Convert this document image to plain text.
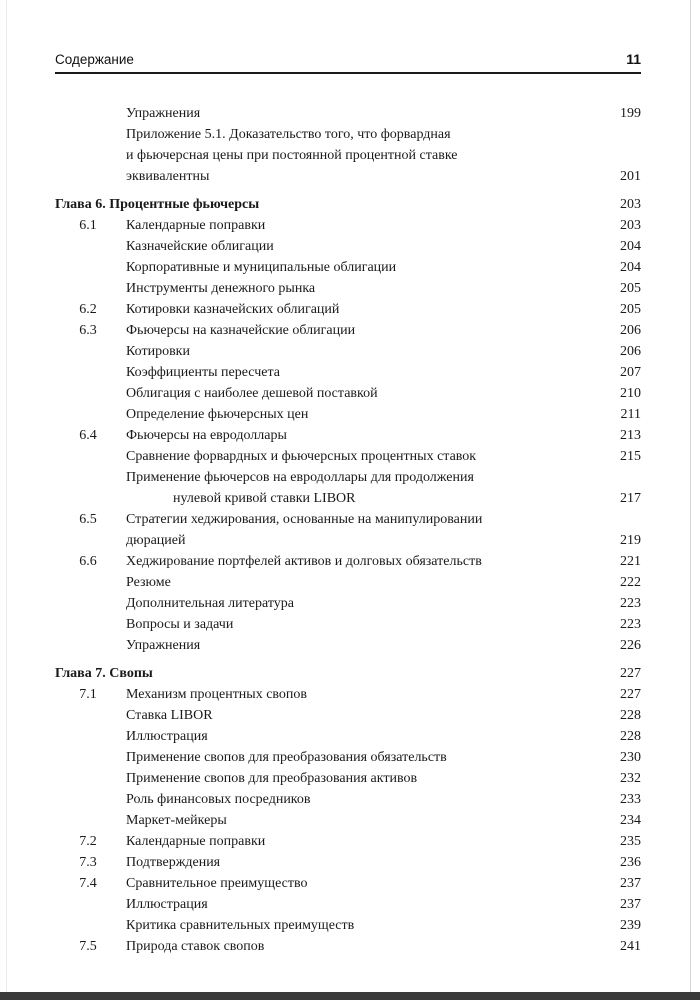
Содержание	11
Упражнения	199
Приложение 5.1. Доказательство того, что форвардная
и фьючерсная цены при постоянной процентной ставке
эквивалентны	201
Глава 6. Процентные фьючерсы	203
6.1	Календарные поправки	203
Казначейские облигации	204
Корпоративные и муниципальные облигации	204
Инструменты денежного рынка	205
6.2	Котировки казначейских облигаций	205
6.3	Фьючерсы на казначейские облигации	206
Котировки	206
Коэффициенты пересчета	207
Облигация с наиболее дешевой поставкой	210
Определение фьючерсных цен	211
6.4	Фьючерсы на евродоллары	213
Сравнение форвардных и фьючерсных процентных ставок	215
Применение фьючерсов на евродоллары для продолжения
нулевой кривой ставки LIBOR	217
6.5	Стратегии хеджирования, основанные на манипулировании
дюрацией	219
6.6	Хеджирование портфелей активов и долговых обязательств	221
Резюме	222
Дополнительная литература	223
Вопросы и задачи	223
Упражнения	226
Глава 7. Свопы	227
7.1	Механизм процентных свопов	227
Ставка LIBOR	228
Иллюстрация	228
Применение свопов для преобразования обязательств	230
Применение свопов для преобразования активов	232
Роль финансовых посредников	233
Маркет-мейкеры	234
7.2	Календарные поправки	235
7.3	Подтверждения	236
7.4	Сравнительное преимущество	237
Иллюстрация	237
Критика сравнительных преимуществ	239
7.5	Природа ставок свопов	241
